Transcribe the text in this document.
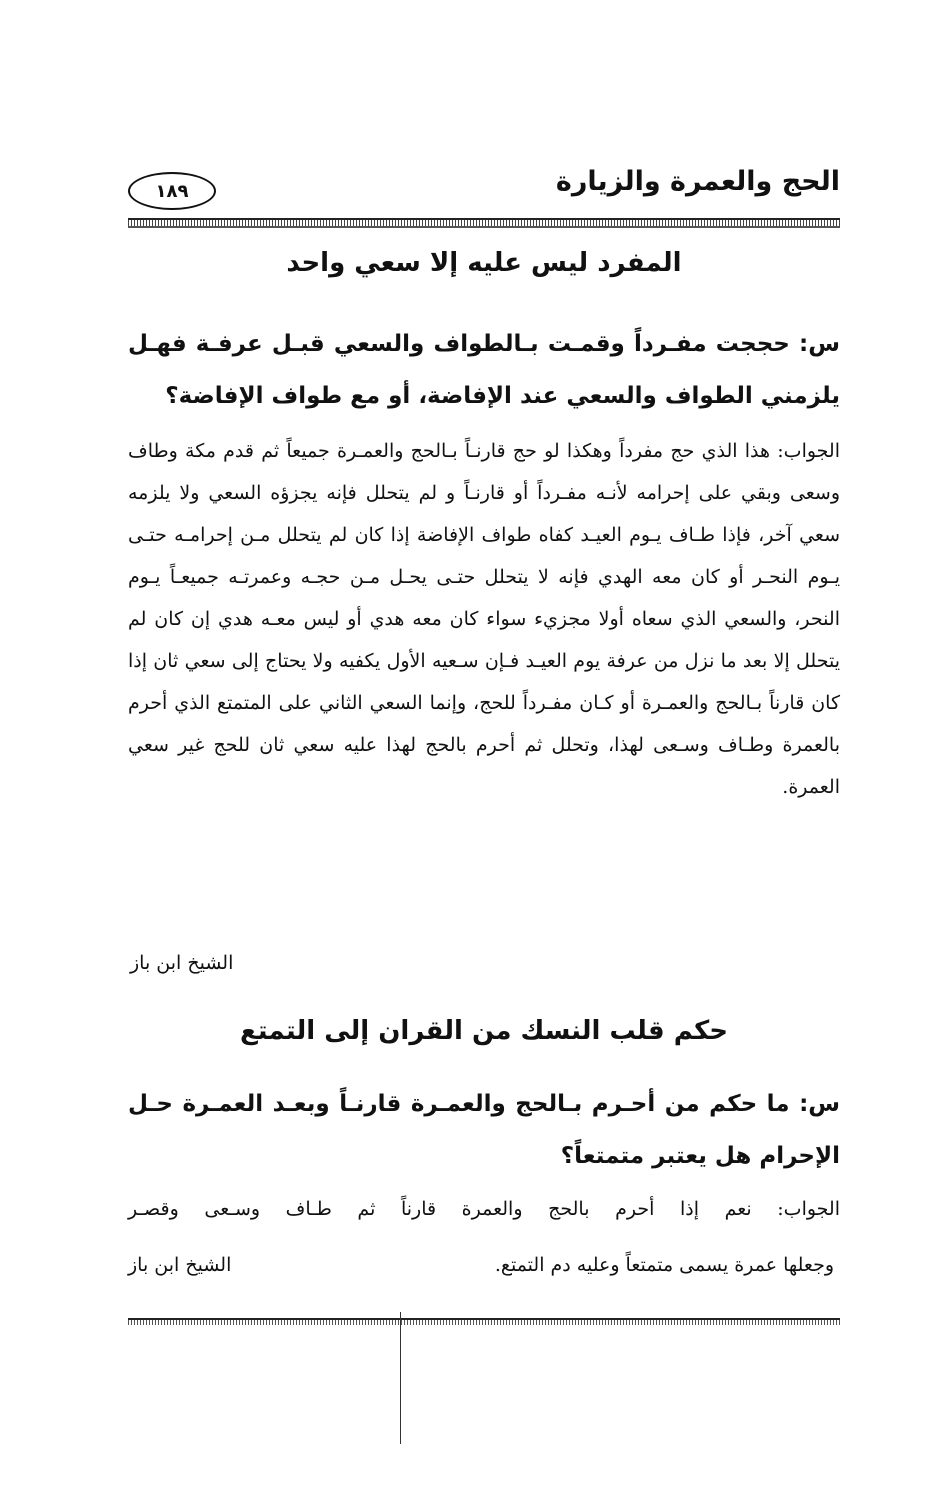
الحج والعمرة والزيارة
١٨٩
المفرد ليس عليه إلا سعي واحد
س: حججت مفـرداً وقمـت بـالطواف والسعي قبـل عرفـة فهـل يلزمني الطواف والسعي عند الإفاضة، أو مع طواف الإفاضة؟
الجواب: هذا الذي حج مفرداً وهكذا لو حج قارنـاً بـالحج والعمـرة جميعاً ثم قدم مكة وطاف وسعى وبقي على إحرامه لأنـه مفـرداً أو قارنـاً و لم يتحلل فإنه يجزؤه السعي ولا يلزمه سعي آخر، فإذا طـاف يـوم العيـد كفاه طواف الإفاضة إذا كان لم يتحلل مـن إحرامـه حتـى يـوم النحـر أو كان معه الهدي فإنه لا يتحلل حتـى يحـل مـن حجـه وعمرتـه جميعـاً يـوم النحر، والسعي الذي سعاه أولا مجزيء سواء كان معه هدي أو ليس معـه هدي إن كان لم يتحلل إلا بعد ما نزل من عرفة يوم العيـد فـإن سـعيه الأول يكفيه ولا يحتاج إلى سعي ثان إذا كان قارناً بـالحج والعمـرة أو كـان مفـرداً للحج، وإنما السعي الثاني على المتمتع الذي أحرم بالعمرة وطـاف وسـعى لهذا، وتحلل ثم أحرم بالحج لهذا عليه سعي ثان للحج غير سعي العمرة.
الشيخ ابن باز
حكم قلب النسك من القران إلى التمتع
س: ما حكم من أحـرم بـالحج والعمـرة قارنـاً وبعـد العمـرة حـل الإحرام هل يعتبر متمتعاً؟
الجواب: نعم إذا أحرم بالحج والعمرة قارناً ثم طـاف وسـعى وقصـر
وجعلها عمرة يسمى متمتعاً وعليه دم التمتع.
الشيخ ابن باز
